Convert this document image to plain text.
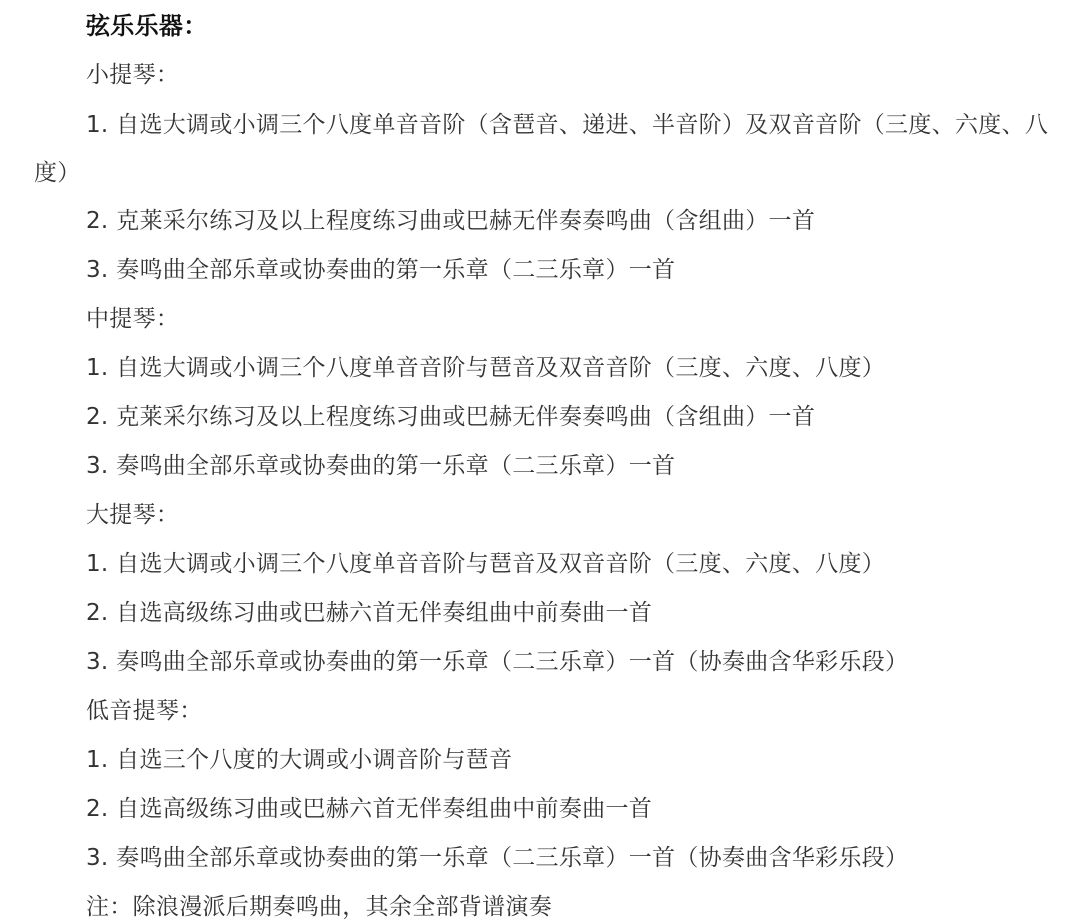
弦乐乐器：
小提琴：
1. 自选大调或小调三个八度单音音阶（含琶音、递进、半音阶）及双音音阶（三度、六度、八度）
2. 克莱采尔练习及以上程度练习曲或巴赫无伴奏奏鸣曲（含组曲）一首
3. 奏鸣曲全部乐章或协奏曲的第一乐章（二三乐章）一首
中提琴：
1. 自选大调或小调三个八度单音音阶与琶音及双音音阶（三度、六度、八度）
2. 克莱采尔练习及以上程度练习曲或巴赫无伴奏奏鸣曲（含组曲）一首
3. 奏鸣曲全部乐章或协奏曲的第一乐章（二三乐章）一首
大提琴：
1. 自选大调或小调三个八度单音音阶与琶音及双音音阶（三度、六度、八度）
2. 自选高级练习曲或巴赫六首无伴奏组曲中前奏曲一首
3. 奏鸣曲全部乐章或协奏曲的第一乐章（二三乐章）一首（协奏曲含华彩乐段）
低音提琴：
1. 自选三个八度的大调或小调音阶与琶音
2. 自选高级练习曲或巴赫六首无伴奏组曲中前奏曲一首
3. 奏鸣曲全部乐章或协奏曲的第一乐章（二三乐章）一首（协奏曲含华彩乐段）
注：除浪漫派后期奏鸣曲，其余全部背谱演奏
